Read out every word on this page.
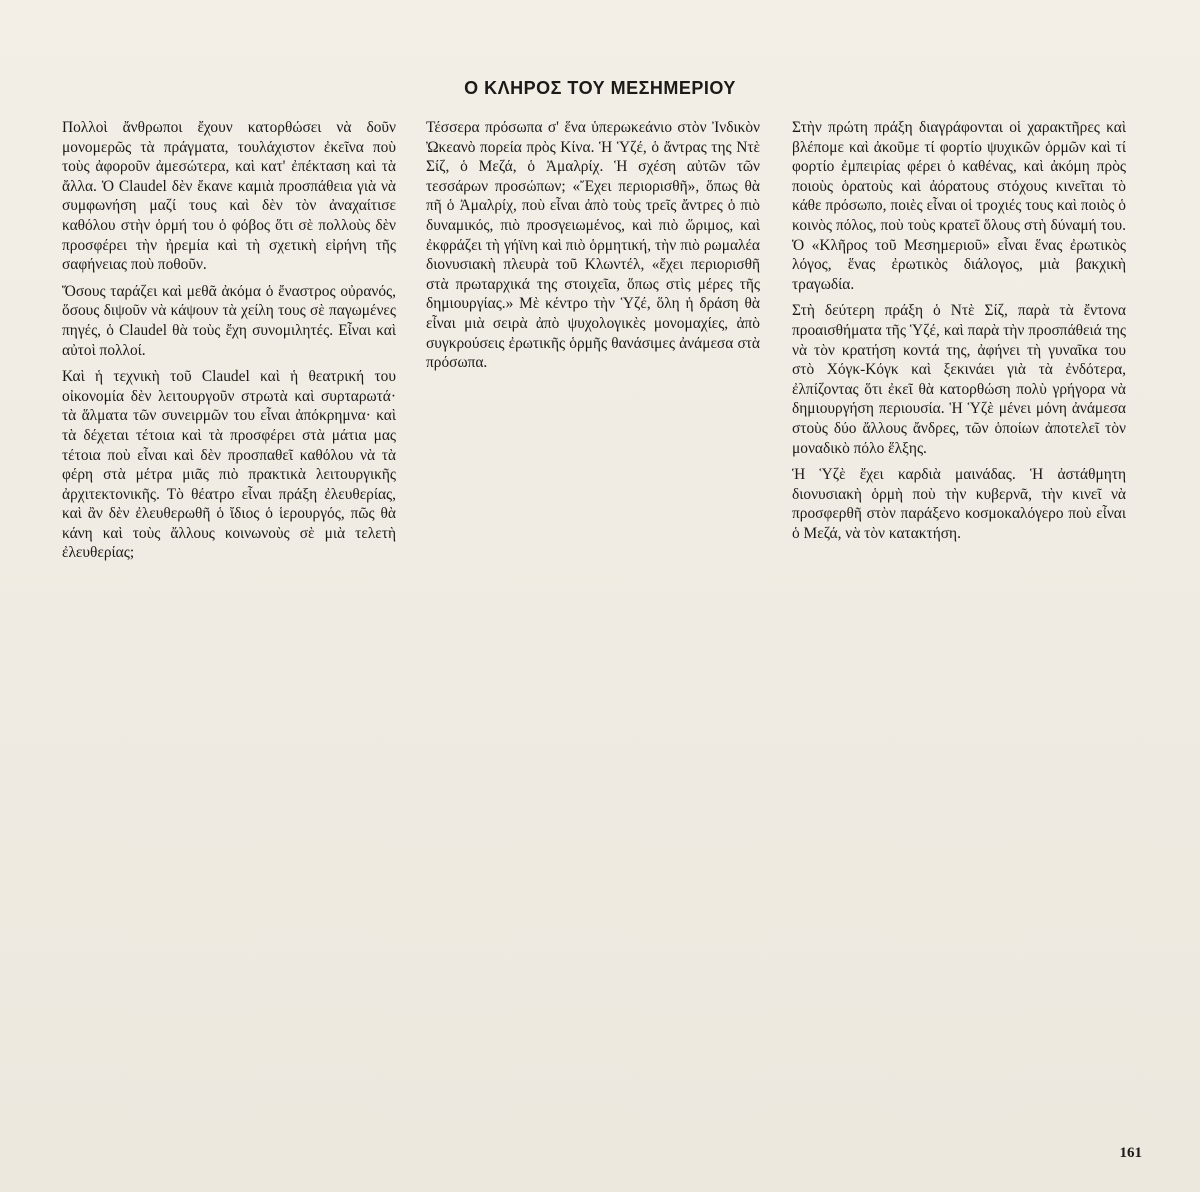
Ο ΚΛΗΡΟΣ ΤΟΥ ΜΕΣΗΜΕΡΙΟΥ

Πολλοὶ ἄνθρωποι ἔχουν κατορθώσει νὰ δοῦν μονομερῶς τὰ πράγματα, τουλάχιστον ἐκεῖνα ποὺ τοὺς ἀφοροῦν ἀμεσώτερα, καὶ κατ' ἐπέκταση καὶ τὰ ἄλλα. Ὁ Claudel δὲν ἔκανε καμιὰ προσπάθεια γιὰ νὰ συμφωνήση μαζί τους καὶ δὲν τὸν ἀναχαίτισε καθόλου στὴν ὁρμή του ὁ φόβος ὅτι σὲ πολλοὺς δὲν προσφέρει τὴν ἠρεμία καὶ τὴ σχετικὴ εἰρήνη τῆς σαφήνειας ποὺ ποθοῦν.

Ὅσους ταράζει καὶ μεθᾶ ἀκόμα ὁ ἔναστρος οὐρανός, ὅσους διψοῦν νὰ κάψουν τὰ χείλη τους σὲ παγωμένες πηγές, ὁ Claudel θὰ τοὺς ἔχη συνομιλητές. Εἶναι καὶ αὐτοὶ πολλοί.

Καὶ ἡ τεχνικὴ τοῦ Claudel καὶ ἡ θεατρική του οἰκονομία δὲν λειτουργοῦν στρωτὰ καὶ συρταρωτά· τὰ ἅλματα τῶν συνειρμῶν του εἶναι ἀπόκρημνα· καὶ τὰ δέχεται τέτοια καὶ τὰ προσφέρει στὰ μάτια μας τέτοια ποὺ εἶναι καὶ δὲν προσπαθεῖ καθόλου νὰ τὰ φέρη στὰ μέτρα μιᾶς πιὸ πρακτικὰ λειτουργικῆς ἀρχιτεκτονικῆς. Τὸ θέατρο εἶναι πράξη ἐλευθερίας, καὶ ἂν δὲν ἐλευθερωθῆ ὁ ἴδιος ὁ ἱερουργός, πῶς θὰ κάνη καὶ τοὺς ἄλλους κοινωνοὺς σὲ μιὰ τελετὴ ἐλευθερίας;

Τέσσερα πρόσωπα σ' ἕνα ὑπερωκεάνιο στὸν Ἰνδικὸν Ὠκεανὸ πορεία πρὸς Κίνα. Ἡ Ὑζέ, ὁ ἄντρας της Ντὲ Σίζ, ὁ Μεζά, ὁ Ἀμαλρίχ. Ἡ σχέση αὐτῶν τῶν τεσσάρων προσώπων; «Ἔχει περιορισθῆ», ὅπως θὰ πῆ ὁ Ἀμαλρίχ, ποὺ εἶναι ἀπὸ τοὺς τρεῖς ἄντρες ὁ πιὸ δυναμικός, πιὸ προσγειωμένος, καὶ πιὸ ὥριμος, καὶ ἐκφράζει τὴ γήϊνη καὶ πιὸ ὁρμητική, τὴν πιὸ ρωμαλέα διονυσιακὴ πλευρὰ τοῦ Κλωντέλ, «ἔχει περιορισθῆ στὰ πρωταρχικά της στοιχεῖα, ὅπως στὶς μέρες τῆς δημιουργίας.» Μὲ κέντρο τὴν Ὑζέ, ὅλη ἡ δράση θὰ εἶναι μιὰ σειρὰ ἀπὸ ψυχολογικὲς μονομαχίες, ἀπὸ συγκρούσεις ἐρωτικῆς ὁρμῆς θανάσιμες ἀνάμεσα στὰ πρόσωπα.

Στὴν πρώτη πράξη διαγράφονται οἱ χαρακτῆρες καὶ βλέπομε καὶ ἀκοῦμε τί φορτίο ψυχικῶν ὁρμῶν καὶ τί φορτίο ἐμπειρίας φέρει ὁ καθένας, καὶ ἀκόμη πρὸς ποιοὺς ὁρατοὺς καὶ ἀόρατους στόχους κινεῖται τὸ κάθε πρόσωπο, ποιὲς εἶναι οἱ τροχιές τους καὶ ποιὸς ὁ κοινὸς πόλος, ποὺ τοὺς κρατεῖ ὅλους στὴ δύναμή του. Ὁ «Κλῆρος τοῦ Μεσημεριοῦ» εἶναι ἕνας ἐρωτικὸς λόγος, ἕνας ἐρωτικὸς διάλογος, μιὰ βακχικὴ τραγωδία.

Στὴ δεύτερη πράξη ὁ Ντὲ Σίζ, παρὰ τὰ ἔντονα προαισθήματα τῆς Ὑζέ, καὶ παρὰ τὴν προσπάθειά της νὰ τὸν κρατήση κοντά της, ἀφήνει τὴ γυναῖκα του στὸ Χόγκ-Κόγκ καὶ ξεκινάει γιὰ τὰ ἐνδότερα, ἐλπίζοντας ὅτι ἐκεῖ θὰ κατορθώση πολὺ γρήγορα νὰ δημιουργήση περιουσία. Ἡ Ὑζὲ μένει μόνη ἀνάμεσα στοὺς δύο ἄλλους ἄνδρες, τῶν ὁποίων ἀποτελεῖ τὸν μοναδικὸ πόλο ἕλξης.

Ἡ Ὑζὲ ἔχει καρδιὰ μαινάδας. Ἡ ἀστάθμητη διονυσιακὴ ὁρμὴ ποὺ τὴν κυβερνᾶ, τὴν κινεῖ νὰ προσφερθῆ στὸν παράξενο κοσμοκαλόγερο ποὺ εἶναι ὁ Μεζά, νὰ τὸν κατακτήση.

161
